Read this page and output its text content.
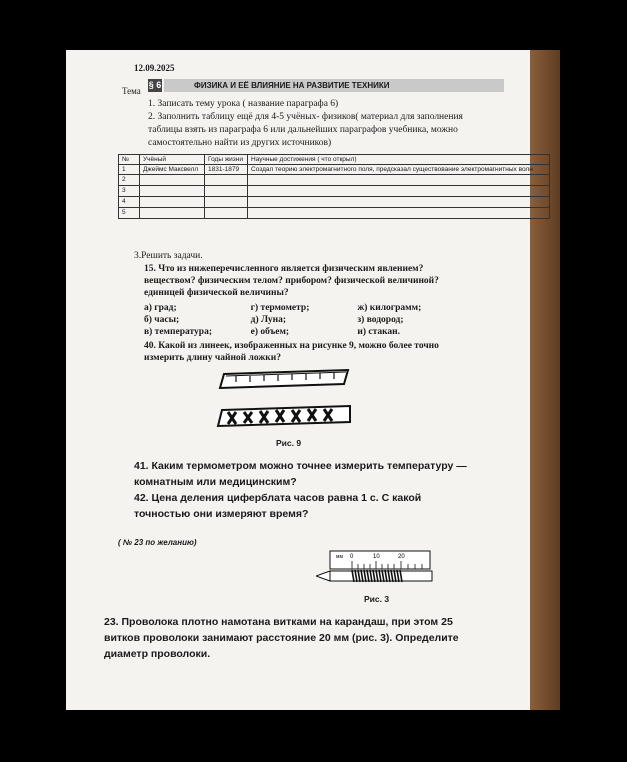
12.09.2025
Тема
§ 6	ФИЗИКА И ЕЁ ВЛИЯНИЕ НА РАЗВИТИЕ ТЕХНИКИ
1. Записать тему урока ( название параграфа 6)
2. Заполнить таблицу ещё для 4-5 учёных- физиков( материал для заполнения таблицы взять из параграфа 6 или дальнейших параграфов учебника, можно самостоятельно найти из других источников)
№	Учёный	Годы жизни	Научные достижения ( что открыл)
1	Джеймс Максвелл	1831-1879	Создал теорию электромагнитного поля, предсказал существование электромагнитных волн
2			
3			
4			
5			
3.Решить задачи.
15. Что из нижеперечисленного является физическим явлением? веществом? физическим телом? прибором? физической величиной? единицей физической величины?
а) град;	г) термометр;	ж) килограмм;
б) часы;	д) Луна;	з) водород;
в) температура;	е) объем;	и) стакан.
40. Какой из линеек, изображенных на рисунке 9, можно более точно измерить длину чайной ложки?
Рис. 9
41. Каким термометром можно точнее измерить температуру — комнатным или медицинским?
42. Цена деления циферблата часов равна 1 с. С какой точностью они измеряют время?
( № 23 по желанию)
мм 0	10	20
Рис. 3
23. Проволока плотно намотана витками на карандаш, при этом 25 витков проволоки занимают расстояние 20 мм (рис. 3). Определите диаметр проволоки.
